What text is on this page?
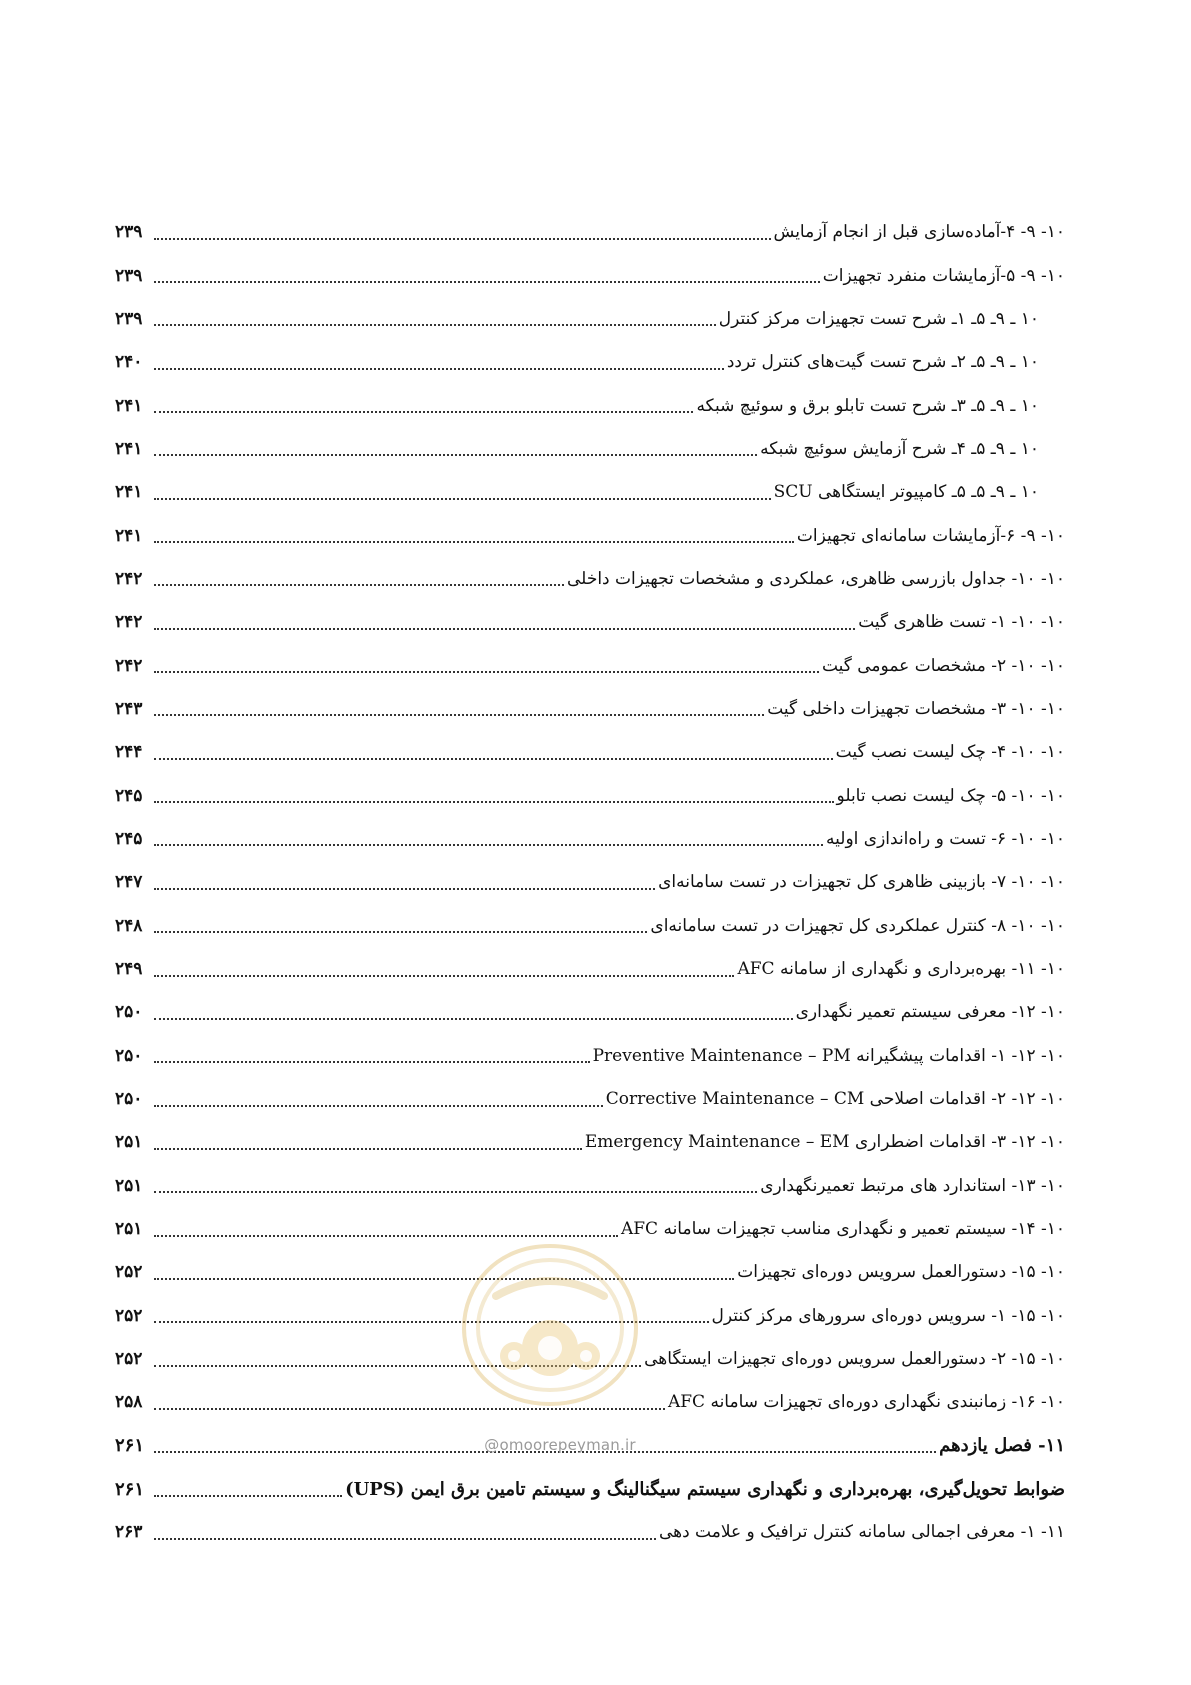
۱۰- ۹- ۴-آماده‌سازی قبل از انجام آزمایش
۲۳۹
۱۰- ۹- ۵-آزمایشات منفرد تجهیزات
۲۳۹
۱۰ ـ ۹ـ ۵ـ ۱ـ شرح تست تجهیزات مرکز کنترل
۲۳۹
۱۰ ـ ۹ـ ۵ـ ۲ـ شرح تست گیت‌های کنترل تردد
۲۴۰
۱۰ ـ ۹ـ ۵ـ ۳ـ شرح تست تابلو برق و سوئیچ شبکه
۲۴۱
۱۰ ـ ۹ـ ۵ـ ۴ـ شرح آزمایش سوئیچ شبکه
۲۴۱
۱۰ ـ ۹ـ ۵ـ ۵ـ کامپیوتر ایستگاهی SCU
۲۴۱
۱۰- ۹- ۶-آزمایشات سامانه‌ای تجهیزات
۲۴۱
۱۰- ۱۰- جداول بازرسی ظاهری، عملکردی و مشخصات تجهیزات داخلی
۲۴۲
۱۰- ۱۰- ۱- تست ظاهری گیت
۲۴۲
۱۰- ۱۰- ۲- مشخصات عمومی گیت
۲۴۲
۱۰- ۱۰- ۳- مشخصات تجهیزات داخلی گیت
۲۴۳
۱۰- ۱۰- ۴- چک لیست نصب گیت
۲۴۴
۱۰- ۱۰- ۵- چک لیست نصب تابلو
۲۴۵
۱۰- ۱۰- ۶- تست و راه‌اندازی اولیه
۲۴۵
۱۰- ۱۰- ۷- بازبینی ظاهری کل تجهیزات در تست سامانه‌ای
۲۴۷
۱۰- ۱۰- ۸- کنترل عملکردی کل تجهیزات در تست سامانه‌ای
۲۴۸
۱۰- ۱۱- بهره‌برداری و نگهداری از سامانه AFC
۲۴۹
۱۰- ۱۲- معرفی سیستم تعمیر نگهداری
۲۵۰
۱۰- ۱۲- ۱- اقدامات پیشگیرانه Preventive Maintenance – PM
۲۵۰
۱۰- ۱۲- ۲- اقدامات اصلاحی Corrective Maintenance – CM
۲۵۰
۱۰- ۱۲- ۳- اقدامات اضطراری Emergency Maintenance – EM
۲۵۱
۱۰- ۱۳- استاندارد های مرتبط تعمیرنگهداری
۲۵۱
۱۰- ۱۴- سیستم تعمیر و نگهداری مناسب تجهیزات سامانه AFC
۲۵۱
۱۰- ۱۵- دستورالعمل سرویس دوره‌ای تجهیزات
۲۵۲
۱۰- ۱۵- ۱- سرویس دوره‌ای سرورهای مرکز کنترل
۲۵۲
۱۰- ۱۵- ۲- دستورالعمل سرویس دوره‌ای تجهیزات ایستگاهی
۲۵۲
۱۰- ۱۶- زمانبندی نگهداری دوره‌ای تجهیزات سامانه AFC
۲۵۸
۱۱- فصل یازدهم
۲۶۱
ضوابط تحویل‌گیری، بهره‌برداری و نگهداری سیستم سیگنالینگ و سیستم تامین برق ایمن (UPS)
۲۶۱
۱۱- ۱- معرفی اجمالی سامانه کنترل ترافیک و علامت دهی
۲۶۳
@omoorepeyman.ir
